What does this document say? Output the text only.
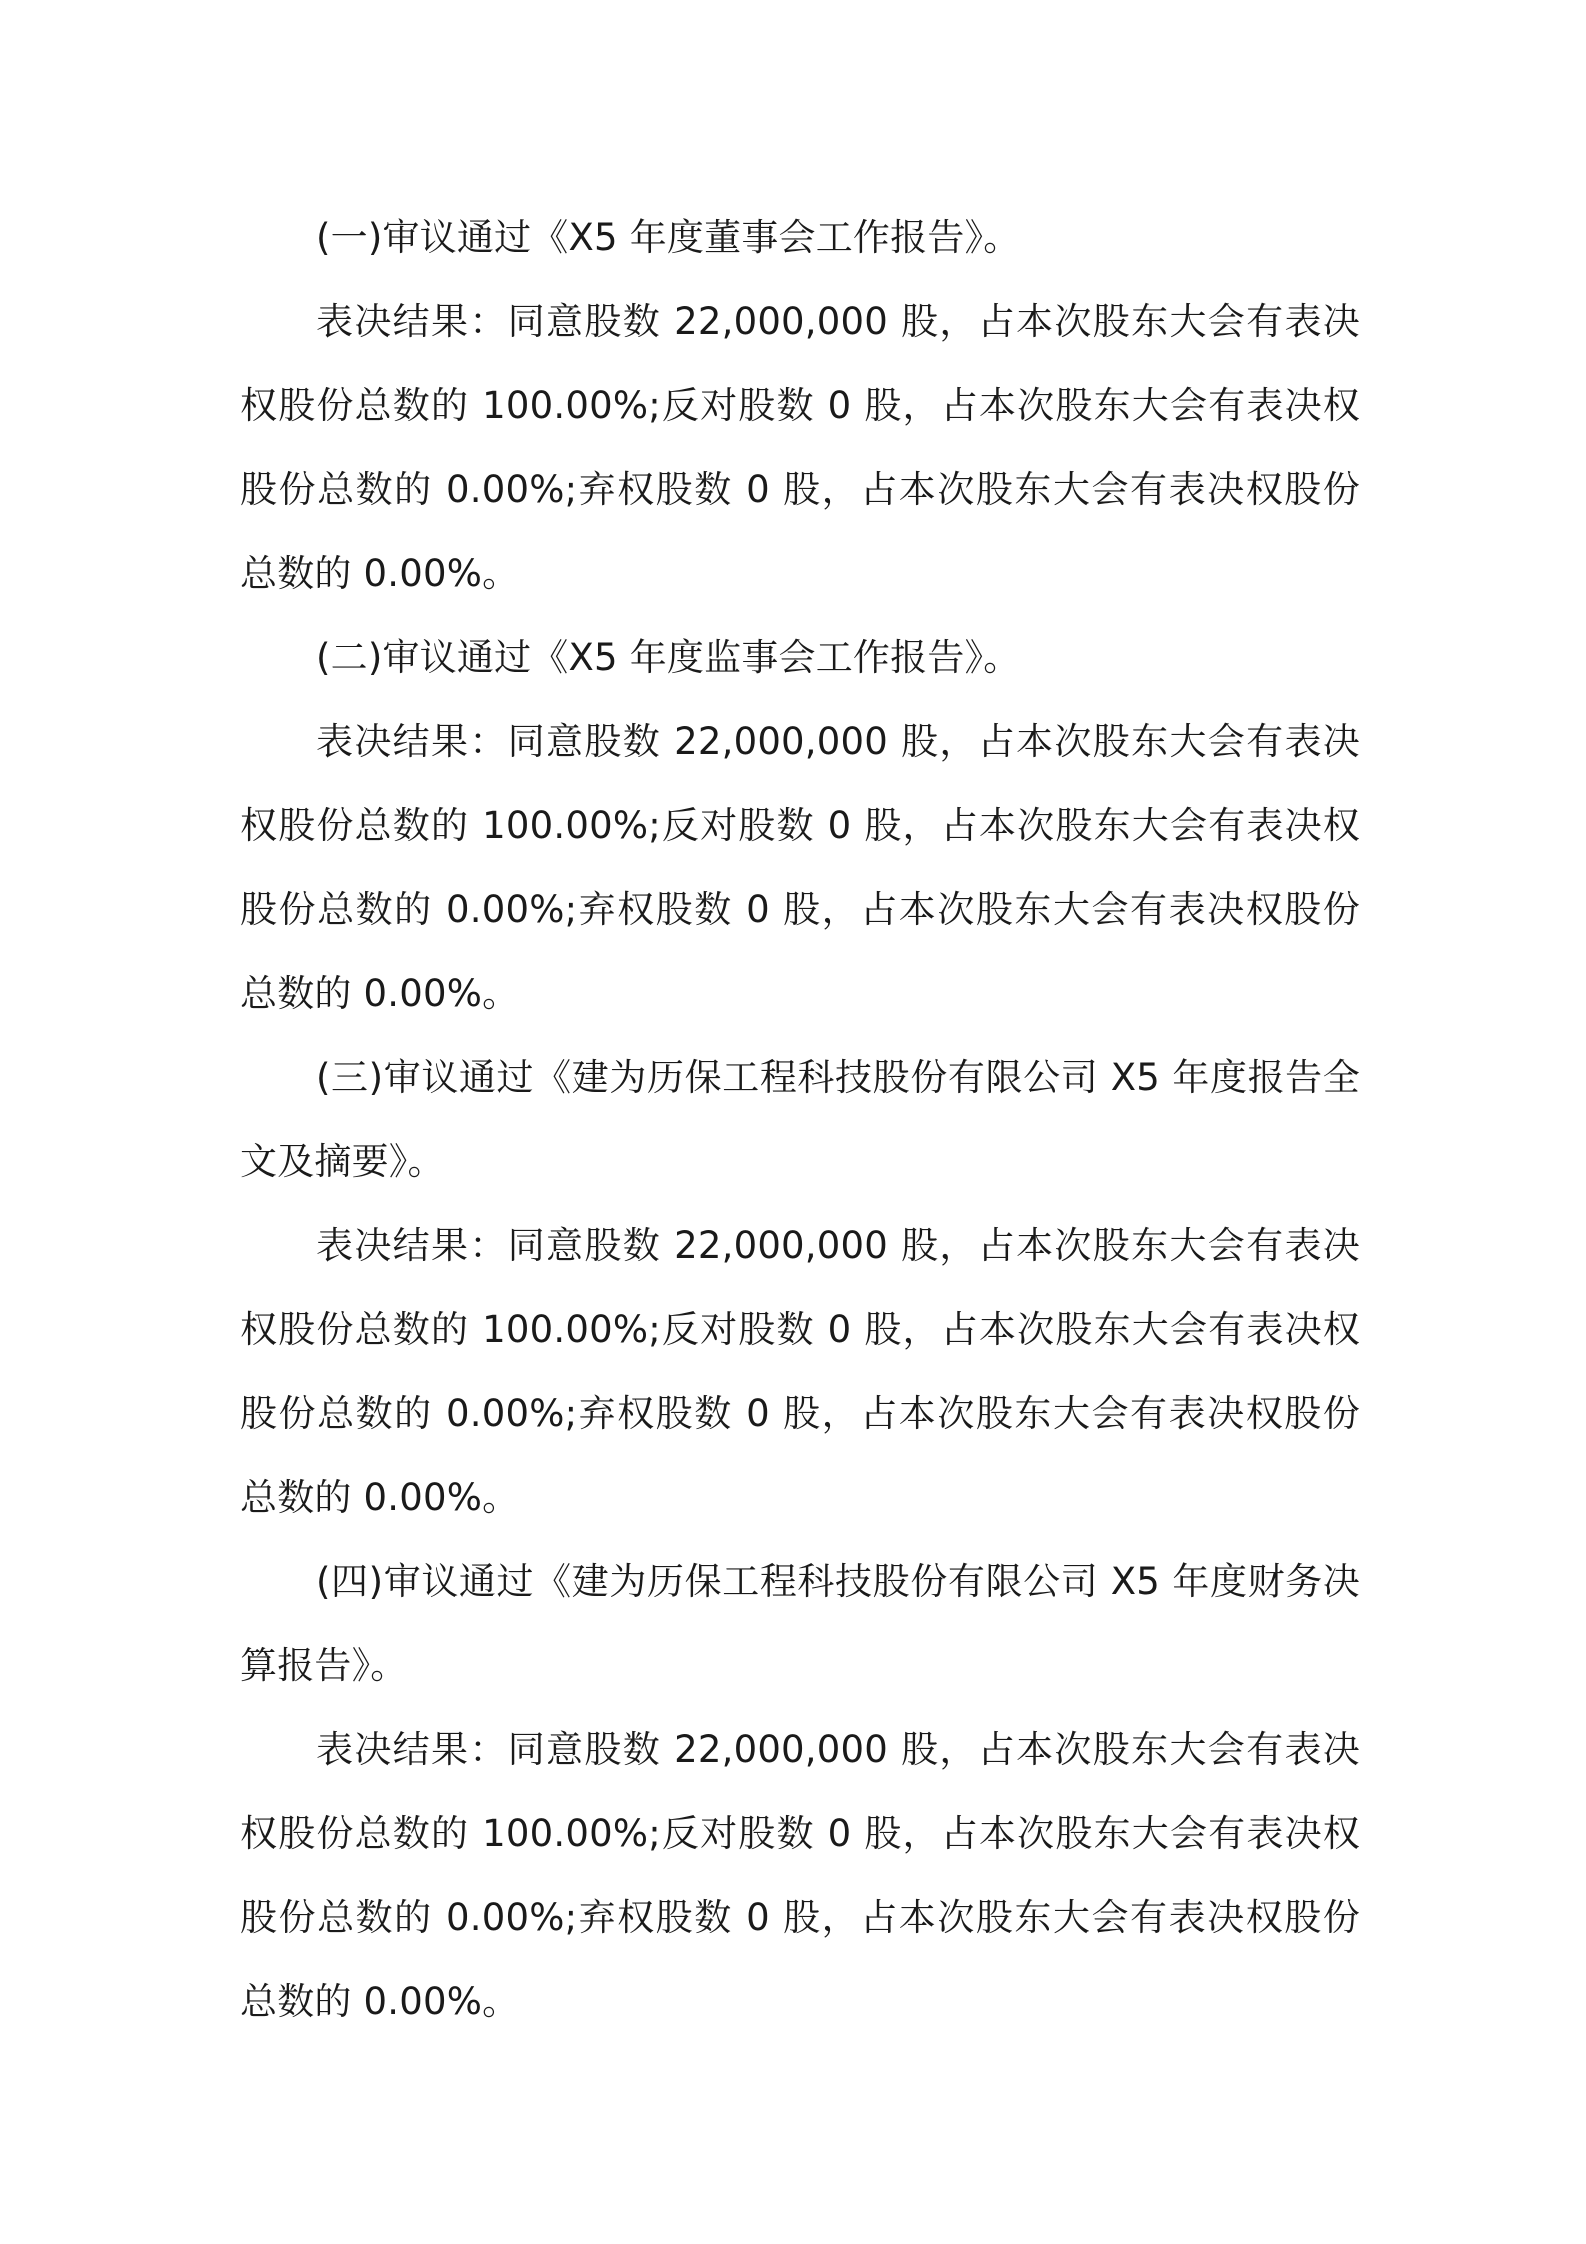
(一)审议通过《X5 年度董事会工作报告》。

表决结果：同意股数 22,000,000 股，占本次股东大会有表决权股份总数的 100.00%;反对股数 0 股，占本次股东大会有表决权股份总数的 0.00%;弃权股数 0 股，占本次股东大会有表决权股份总数的 0.00%。

(二)审议通过《X5 年度监事会工作报告》。

表决结果：同意股数 22,000,000 股，占本次股东大会有表决权股份总数的 100.00%;反对股数 0 股，占本次股东大会有表决权股份总数的 0.00%;弃权股数 0 股，占本次股东大会有表决权股份总数的 0.00%。

(三)审议通过《建为历保工程科技股份有限公司 X5 年度报告全文及摘要》。

表决结果：同意股数 22,000,000 股，占本次股东大会有表决权股份总数的 100.00%;反对股数 0 股，占本次股东大会有表决权股份总数的 0.00%;弃权股数 0 股，占本次股东大会有表决权股份总数的 0.00%。

(四)审议通过《建为历保工程科技股份有限公司 X5 年度财务决算报告》。

表决结果：同意股数 22,000,000 股，占本次股东大会有表决权股份总数的 100.00%;反对股数 0 股，占本次股东大会有表决权股份总数的 0.00%;弃权股数 0 股，占本次股东大会有表决权股份总数的 0.00%。
